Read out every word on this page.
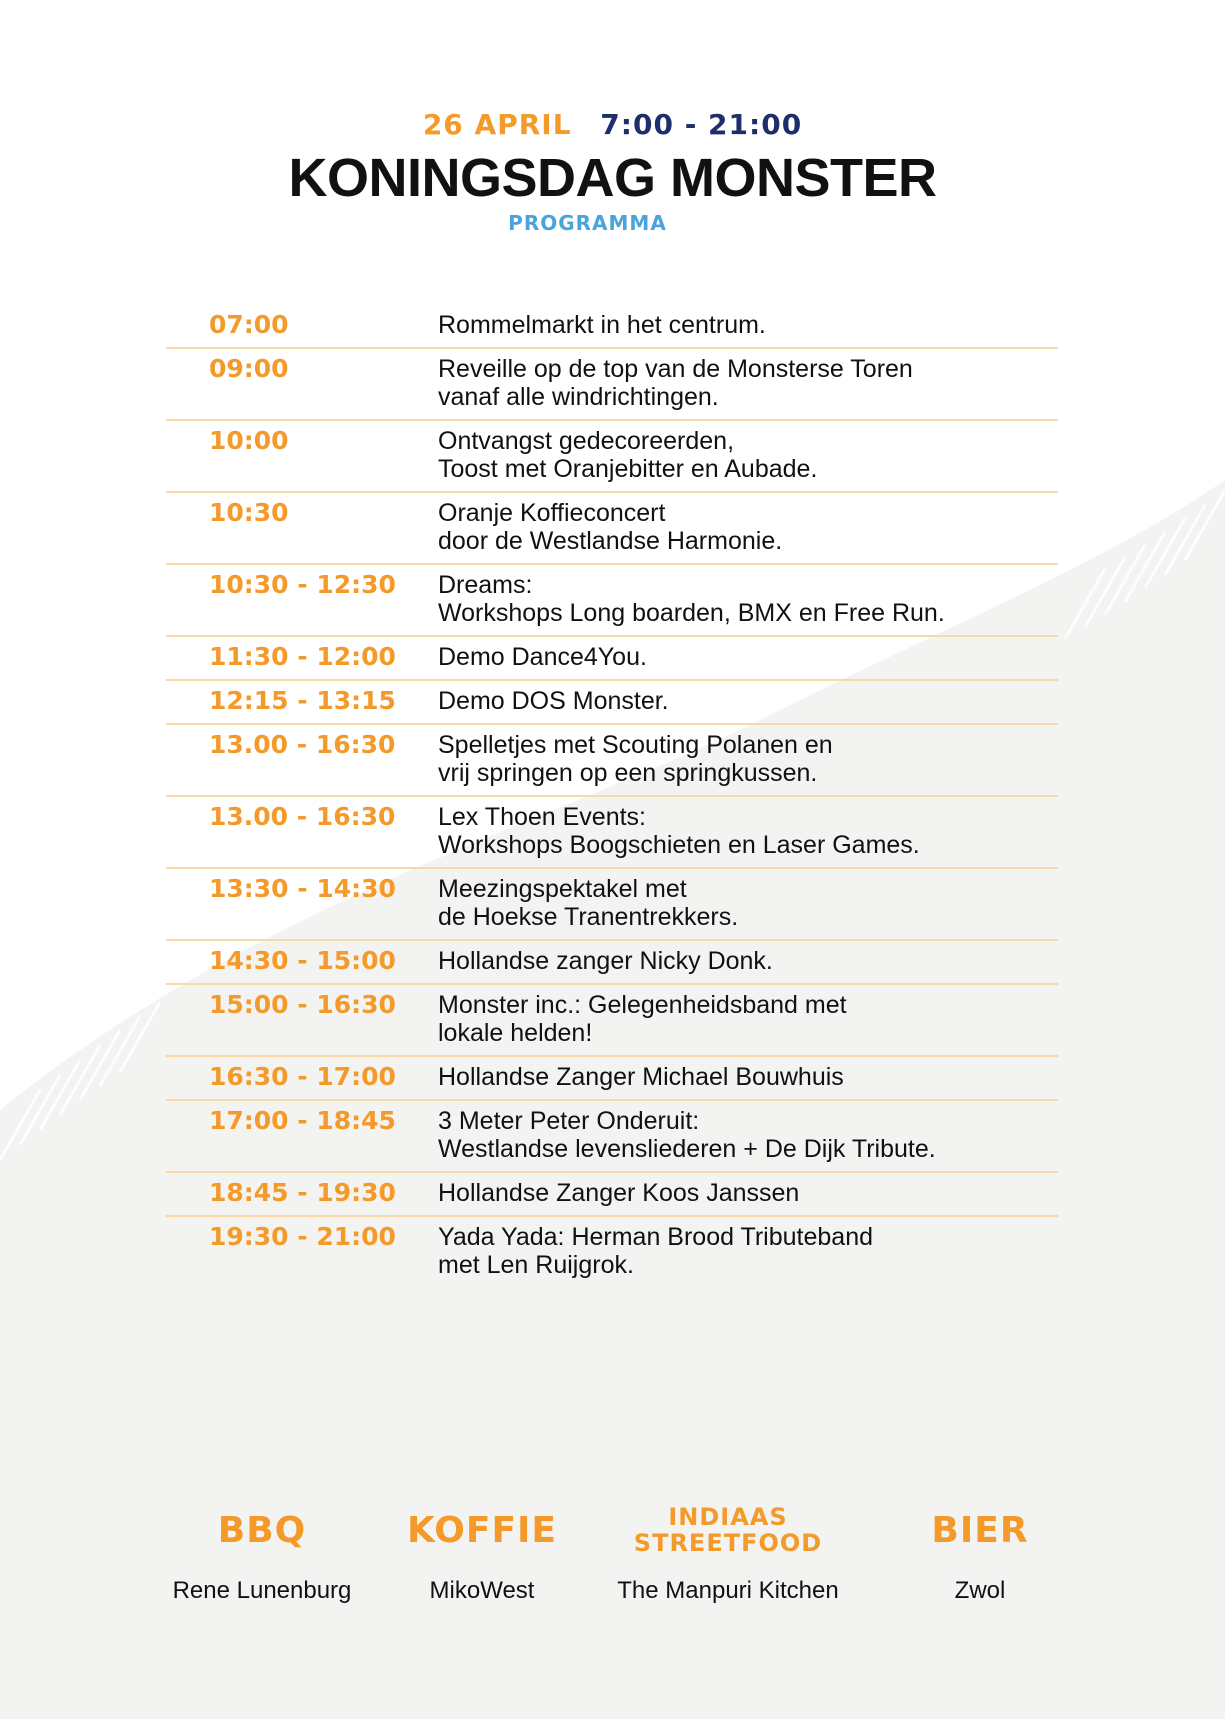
26 APRIL 7:00 - 21:00
KONINGSDAG MONSTER
PROGRAMMA
07:00	Rommelmarkt in het centrum.
09:00	Reveille op de top van de Monsterse Toren
vanaf alle windrichtingen.
10:00	Ontvangst gedecoreerden,
Toost met Oranjebitter en Aubade.
10:30	Oranje Koffieconcert
door de Westlandse Harmonie.
10:30 - 12:30	Dreams:
Workshops Long boarden, BMX en Free Run.
11:30 - 12:00	Demo Dance4You.
12:15 - 13:15	Demo DOS Monster.
13.00 - 16:30	Spelletjes met Scouting Polanen en
vrij springen op een springkussen.
13.00 - 16:30	Lex Thoen Events:
Workshops Boogschieten en Laser Games.
13:30 - 14:30	Meezingspektakel met
de Hoekse Tranentrekkers.
14:30 - 15:00	Hollandse zanger Nicky Donk.
15:00 - 16:30	Monster inc.: Gelegenheidsband met
lokale helden!
16:30 - 17:00	Hollandse Zanger Michael Bouwhuis
17:00 - 18:45	3 Meter Peter Onderuit:
Westlandse levensliederen + De Dijk Tribute.
18:45 - 19:30	Hollandse Zanger Koos Janssen
19:30 - 21:00	Yada Yada: Herman Brood Tributeband
met Len Ruijgrok.
BBQ
Rene Lunenburg
KOFFIE
MikoWest
INDIAAS
STREETFOOD
The Manpuri Kitchen
BIER
Zwol
